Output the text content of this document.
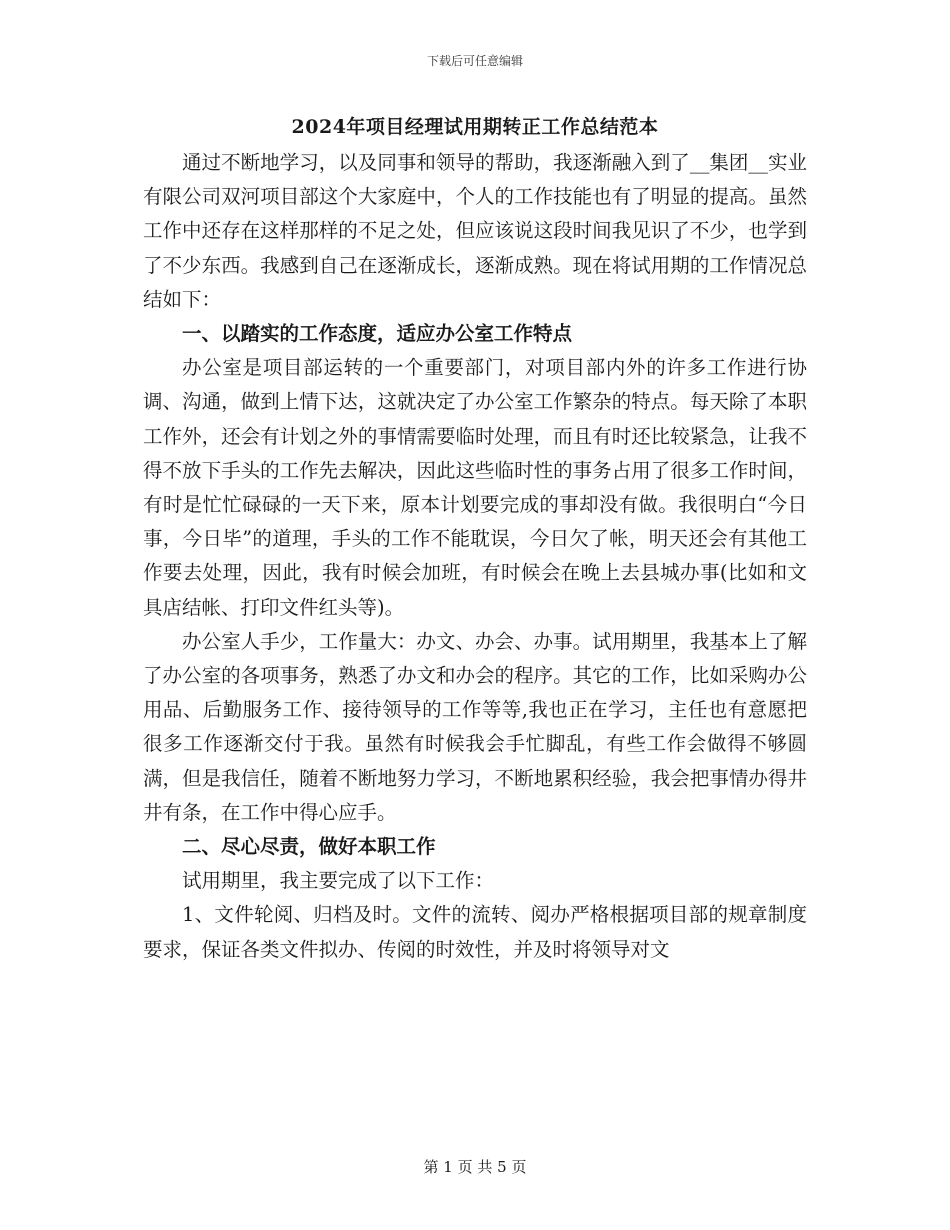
下载后可任意编辑
2024年项目经理试用期转正工作总结范本

通过不断地学习，以及同事和领导的帮助，我逐渐融入到了__集团__实业有限公司双河项目部这个大家庭中，个人的工作技能也有了明显的提高。虽然工作中还存在这样那样的不足之处，但应该说这段时间我见识了不少，也学到了不少东西。我感到自己在逐渐成长，逐渐成熟。现在将试用期的工作情况总结如下：

一、以踏实的工作态度，适应办公室工作特点

办公室是项目部运转的一个重要部门，对项目部内外的许多工作进行协调、沟通，做到上情下达，这就决定了办公室工作繁杂的特点。每天除了本职工作外，还会有计划之外的事情需要临时处理，而且有时还比较紧急，让我不得不放下手头的工作先去解决，因此这些临时性的事务占用了很多工作时间，有时是忙忙碌碌的一天下来，原本计划要完成的事却没有做。我很明白“今日事，今日毕”的道理，手头的工作不能耽误，今日欠了帐，明天还会有其他工作要去处理，因此，我有时候会加班，有时候会在晚上去县城办事(比如和文具店结帐、打印文件红头等)。

办公室人手少，工作量大：办文、办会、办事。试用期里，我基本上了解了办公室的各项事务，熟悉了办文和办会的程序。其它的工作，比如采购办公用品、后勤服务工作、接待领导的工作等等,我也正在学习，主任也有意愿把很多工作逐渐交付于我。虽然有时候我会手忙脚乱，有些工作会做得不够圆满，但是我信任，随着不断地努力学习，不断地累积经验，我会把事情办得井井有条，在工作中得心应手。

二、尽心尽责，做好本职工作

试用期里，我主要完成了以下工作：

1、文件轮阅、归档及时。文件的流转、阅办严格根据项目部的规章制度要求，保证各类文件拟办、传阅的时效性，并及时将领导对文

第 1 页 共 5 页
